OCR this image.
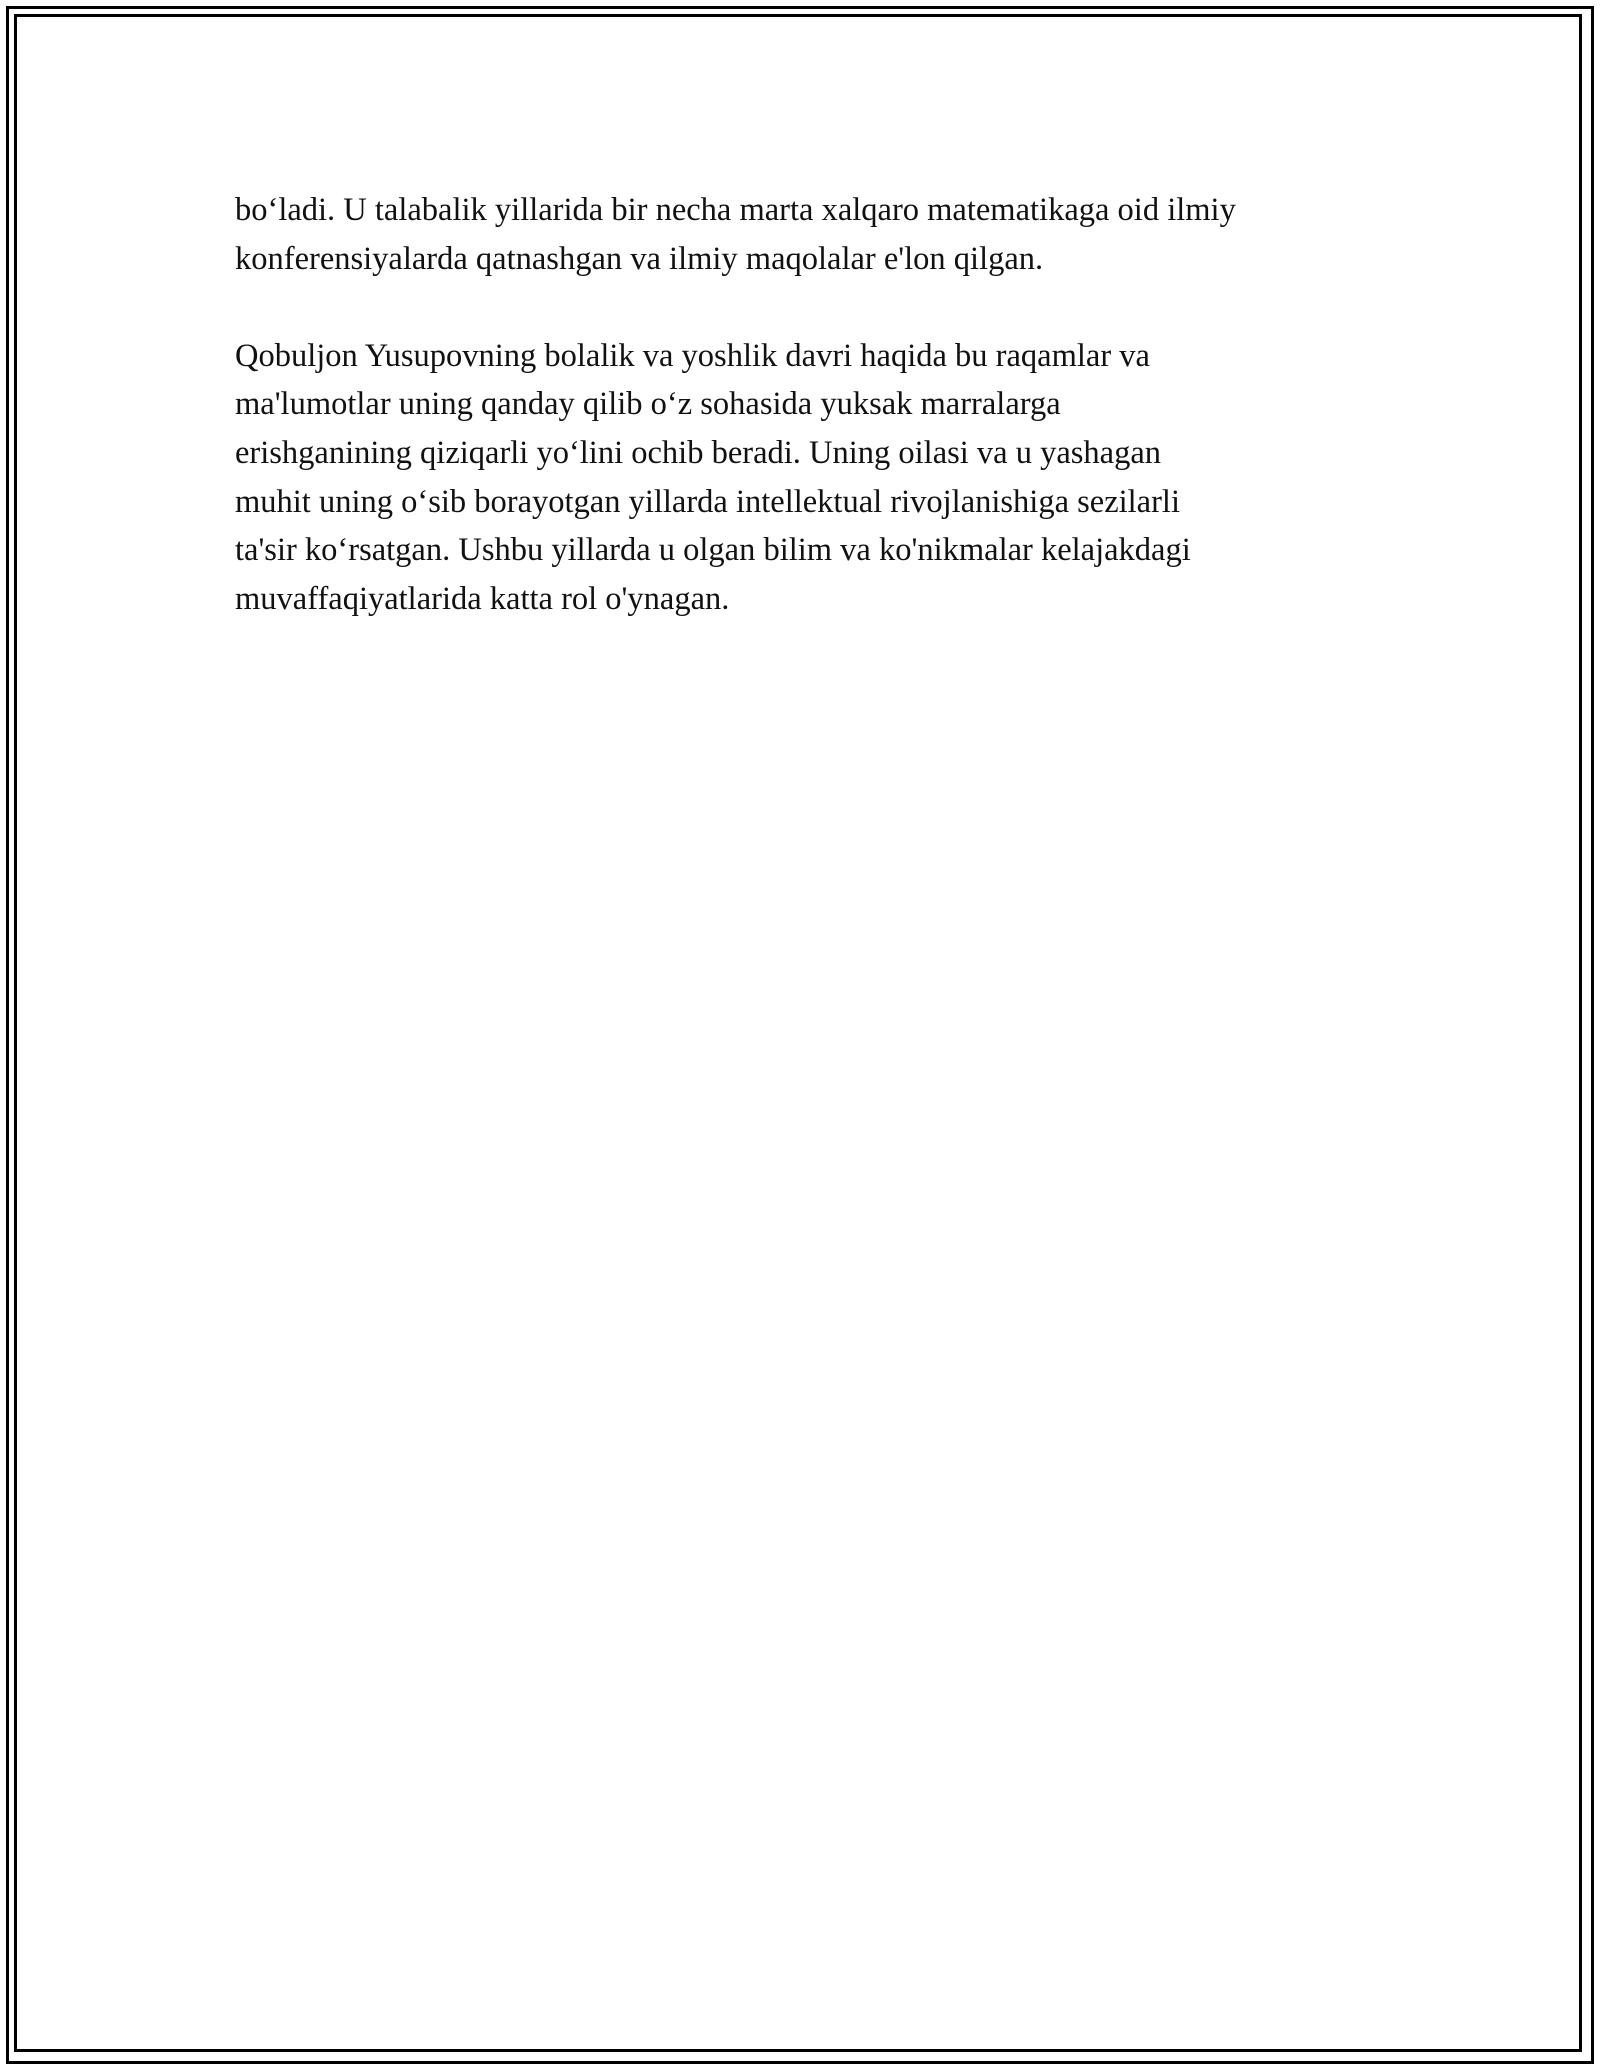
bo‘ladi. U talabalik yillarida bir necha marta xalqaro matematikaga oid ilmiy
konferensiyalarda qatnashgan va ilmiy maqolalar e'lon qilgan.

Qobuljon Yusupovning bolalik va yoshlik davri haqida bu raqamlar va
ma'lumotlar uning qanday qilib o‘z sohasida yuksak marralarga
erishganining qiziqarli yo‘lini ochib beradi. Uning oilasi va u yashagan
muhit uning o‘sib borayotgan yillarda intellektual rivojlanishiga sezilarli
ta'sir ko‘rsatgan. Ushbu yillarda u olgan bilim va ko'nikmalar kelajakdagi
muvaffaqiyatlarida katta rol o'ynagan.
